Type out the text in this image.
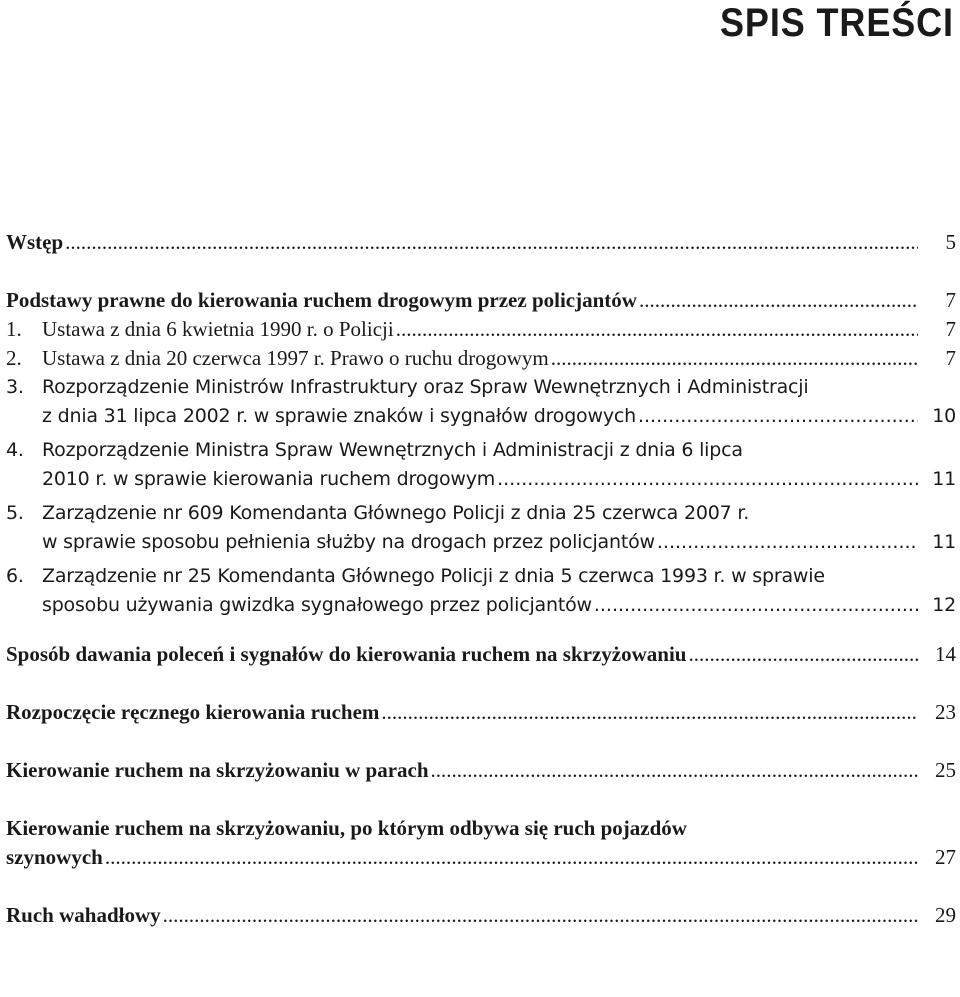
SPIS TREŚCI
Wstęp .....	5
Podstawy prawne do kierowania ruchem drogowym przez policjantów .....	7
1. Ustawa z dnia 6 kwietnia 1990 r. o Policji .....	7
2. Ustawa z dnia 20 czerwca 1997 r. Prawo o ruchu drogowym .....	7
3. Rozporządzenie Ministrów Infrastruktury oraz Spraw Wewnętrznych i Administracji
z dnia 31 lipca 2002 r. w sprawie znaków i sygnałów drogowych .....	10
4. Rozporządzenie Ministra Spraw Wewnętrznych i Administracji z dnia 6 lipca
2010 r. w sprawie kierowania ruchem drogowym .....	11
5. Zarządzenie nr 609 Komendanta Głównego Policji z dnia 25 czerwca 2007 r.
w sprawie sposobu pełnienia służby na drogach przez policjantów .....	11
6. Zarządzenie nr 25 Komendanta Głównego Policji z dnia 5 czerwca 1993 r. w sprawie
sposobu używania gwizdka sygnałowego przez policjantów .....	12
Sposób dawania poleceń i sygnałów do kierowania ruchem na skrzyżowaniu .....	14
Rozpoczęcie ręcznego kierowania ruchem .....	23
Kierowanie ruchem na skrzyżowaniu w parach .....	25
Kierowanie ruchem na skrzyżowaniu, po którym odbywa się ruch pojazdów
szynowych .....	27
Ruch wahadłowy .....	29
